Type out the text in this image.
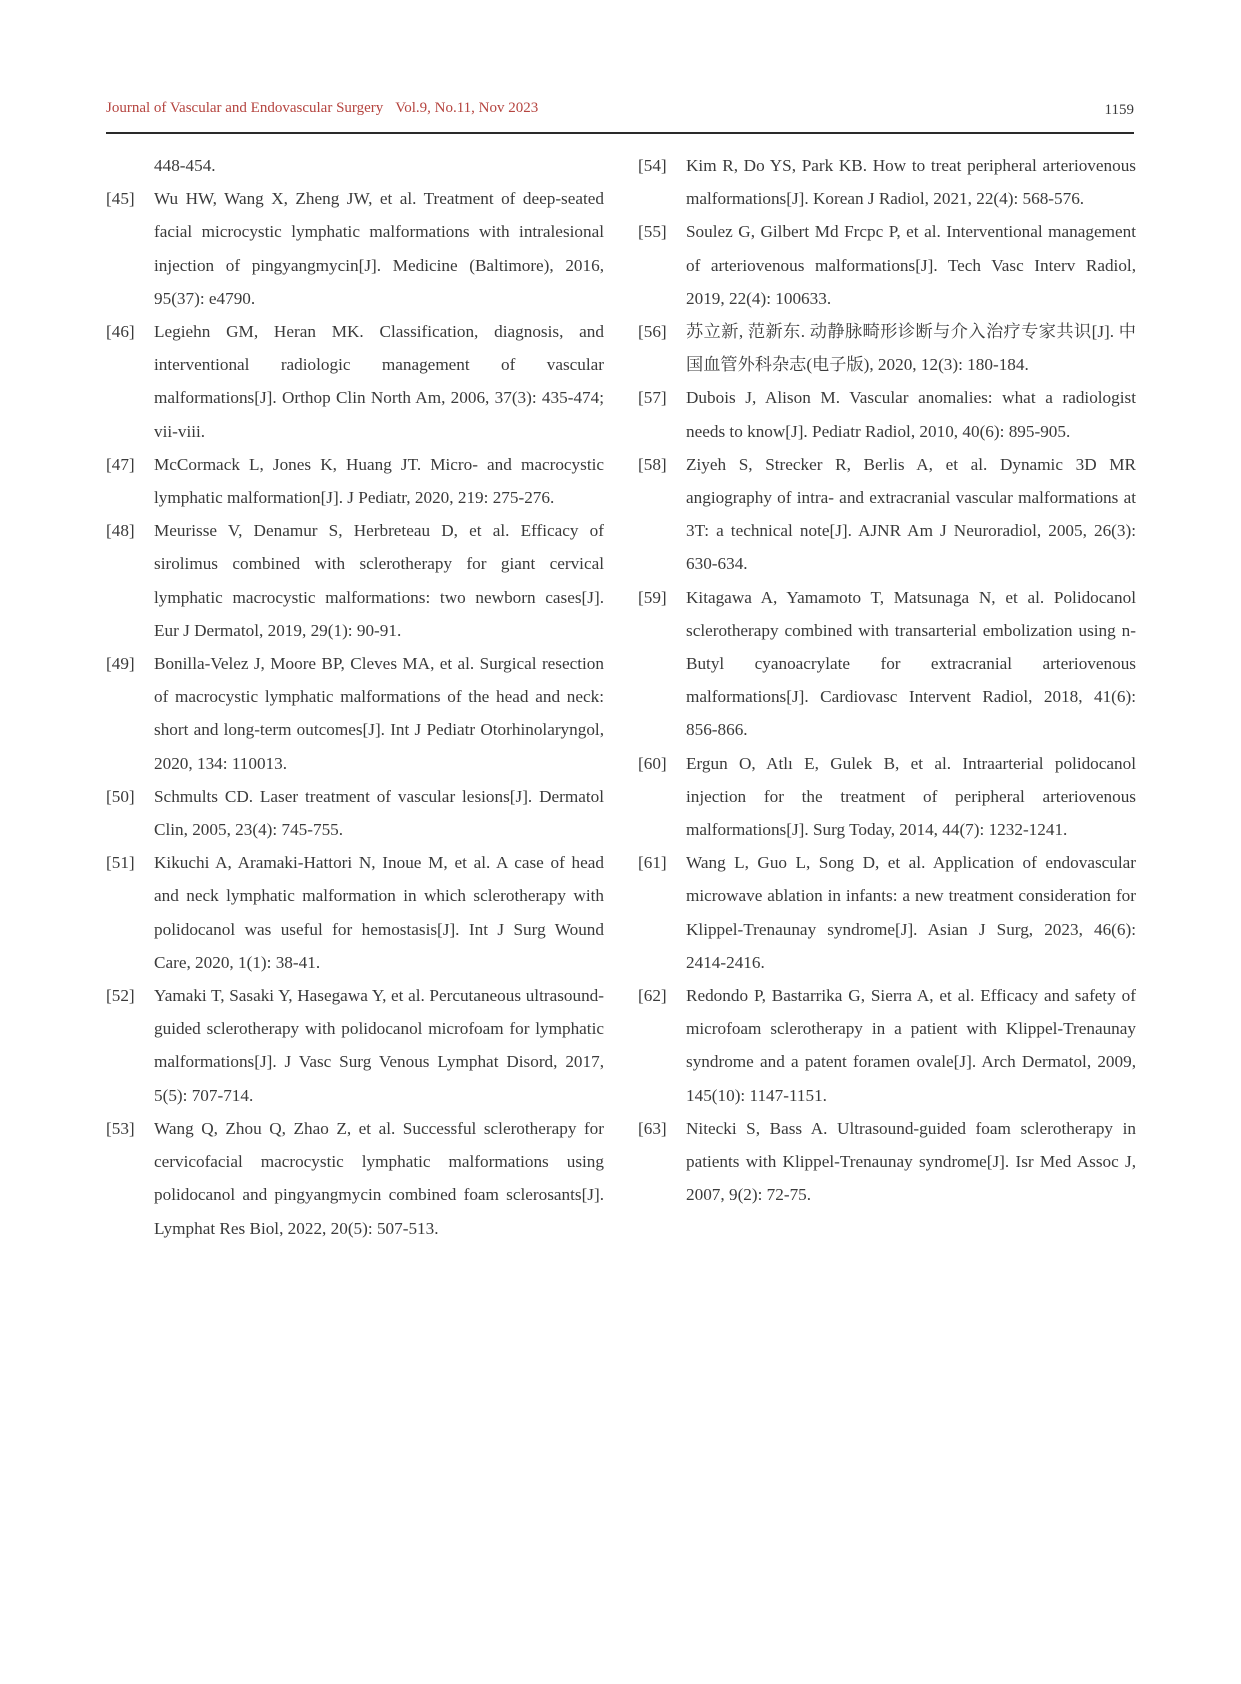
Journal of Vascular and Endovascular Surgery Vol.9, No.11, Nov 2023	1159

448-454.

[45] Wu HW, Wang X, Zheng JW, et al. Treatment of deep-seated facial microcystic lymphatic malformations with intralesional injection of pingyangmycin[J]. Medicine (Baltimore), 2016, 95(37): e4790.

[46] Legiehn GM, Heran MK. Classification, diagnosis, and interventional radiologic management of vascular malformations[J]. Orthop Clin North Am, 2006, 37(3): 435-474; vii-viii.

[47] McCormack L, Jones K, Huang JT. Micro- and macrocystic lymphatic malformation[J]. J Pediatr, 2020, 219: 275-276.

[48] Meurisse V, Denamur S, Herbreteau D, et al. Efficacy of sirolimus combined with sclerotherapy for giant cervical lymphatic macrocystic malformations: two newborn cases[J]. Eur J Dermatol, 2019, 29(1): 90-91.

[49] Bonilla-Velez J, Moore BP, Cleves MA, et al. Surgical resection of macrocystic lymphatic malformations of the head and neck: short and long-term outcomes[J]. Int J Pediatr Otorhinolaryngol, 2020, 134: 110013.

[50] Schmults CD. Laser treatment of vascular lesions[J]. Dermatol Clin, 2005, 23(4): 745-755.

[51] Kikuchi A, Aramaki-Hattori N, Inoue M, et al. A case of head and neck lymphatic malformation in which sclerotherapy with polidocanol was useful for hemostasis[J]. Int J Surg Wound Care, 2020, 1(1): 38-41.

[52] Yamaki T, Sasaki Y, Hasegawa Y, et al. Percutaneous ultrasound-guided sclerotherapy with polidocanol microfoam for lymphatic malformations[J]. J Vasc Surg Venous Lymphat Disord, 2017, 5(5): 707-714.

[53] Wang Q, Zhou Q, Zhao Z, et al. Successful sclerotherapy for cervicofacial macrocystic lymphatic malformations using polidocanol and pingyangmycin combined foam sclerosants[J]. Lymphat Res Biol, 2022, 20(5): 507-513.

[54] Kim R, Do YS, Park KB. How to treat peripheral arteriovenous malformations[J]. Korean J Radiol, 2021, 22(4): 568-576.

[55] Soulez G, Gilbert Md Frcpc P, et al. Interventional management of arteriovenous malformations[J]. Tech Vasc Interv Radiol, 2019, 22(4): 100633.

[56] 苏立新, 范新东. 动静脉畸形诊断与介入治疗专家共识[J]. 中国血管外科杂志(电子版), 2020, 12(3): 180-184.

[57] Dubois J, Alison M. Vascular anomalies: what a radiologist needs to know[J]. Pediatr Radiol, 2010, 40(6): 895-905.

[58] Ziyeh S, Strecker R, Berlis A, et al. Dynamic 3D MR angiography of intra- and extracranial vascular malformations at 3T: a technical note[J]. AJNR Am J Neuroradiol, 2005, 26(3): 630-634.

[59] Kitagawa A, Yamamoto T, Matsunaga N, et al. Polidocanol sclerotherapy combined with transarterial embolization using n-Butyl cyanoacrylate for extracranial arteriovenous malformations[J]. Cardiovasc Intervent Radiol, 2018, 41(6): 856-866.

[60] Ergun O, Atlı E, Gulek B, et al. Intraarterial polidocanol injection for the treatment of peripheral arteriovenous malformations[J]. Surg Today, 2014, 44(7): 1232-1241.

[61] Wang L, Guo L, Song D, et al. Application of endovascular microwave ablation in infants: a new treatment consideration for Klippel-Trenaunay syndrome[J]. Asian J Surg, 2023, 46(6): 2414-2416.

[62] Redondo P, Bastarrika G, Sierra A, et al. Efficacy and safety of microfoam sclerotherapy in a patient with Klippel-Trenaunay syndrome and a patent foramen ovale[J]. Arch Dermatol, 2009, 145(10): 1147-1151.

[63] Nitecki S, Bass A. Ultrasound-guided foam sclerotherapy in patients with Klippel-Trenaunay syndrome[J]. Isr Med Assoc J, 2007, 9(2): 72-75.
